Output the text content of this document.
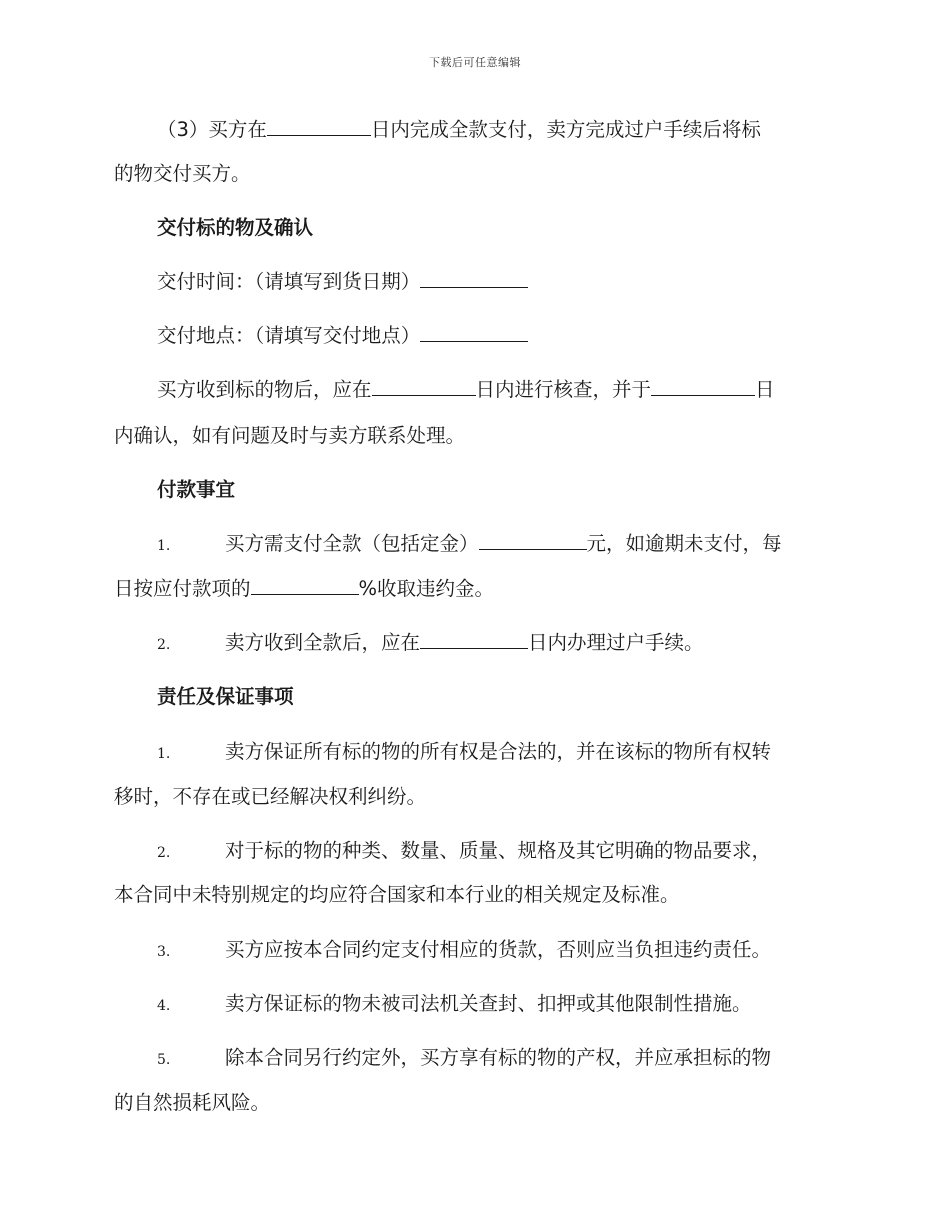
下载后可任意编辑
（3）买方在	日内完成全款支付，卖方完成过户手续后将标
的物交付买方。
交付标的物及确认
交付时间：（请填写到货日期）
交付地点：（请填写交付地点）
买方收到标的物后，应在	日内进行核查，并于	日
内确认，如有问题及时与卖方联系处理。
付款事宜
1.	买方需支付全款（包括定金）	元，如逾期未支付，每
日按应付款项的	%收取违约金。
2.	卖方收到全款后，应在	日内办理过户手续。
责任及保证事项
1.	卖方保证所有标的物的所有权是合法的，并在该标的物所有权转
移时，不存在或已经解决权利纠纷。
2.	对于标的物的种类、数量、质量、规格及其它明确的物品要求，
本合同中未特别规定的均应符合国家和本行业的相关规定及标准。
3.	买方应按本合同约定支付相应的货款，否则应当负担违约责任。
4.	卖方保证标的物未被司法机关查封、扣押或其他限制性措施。
5.	除本合同另行约定外，买方享有标的物的产权，并应承担标的物
的自然损耗风险。
